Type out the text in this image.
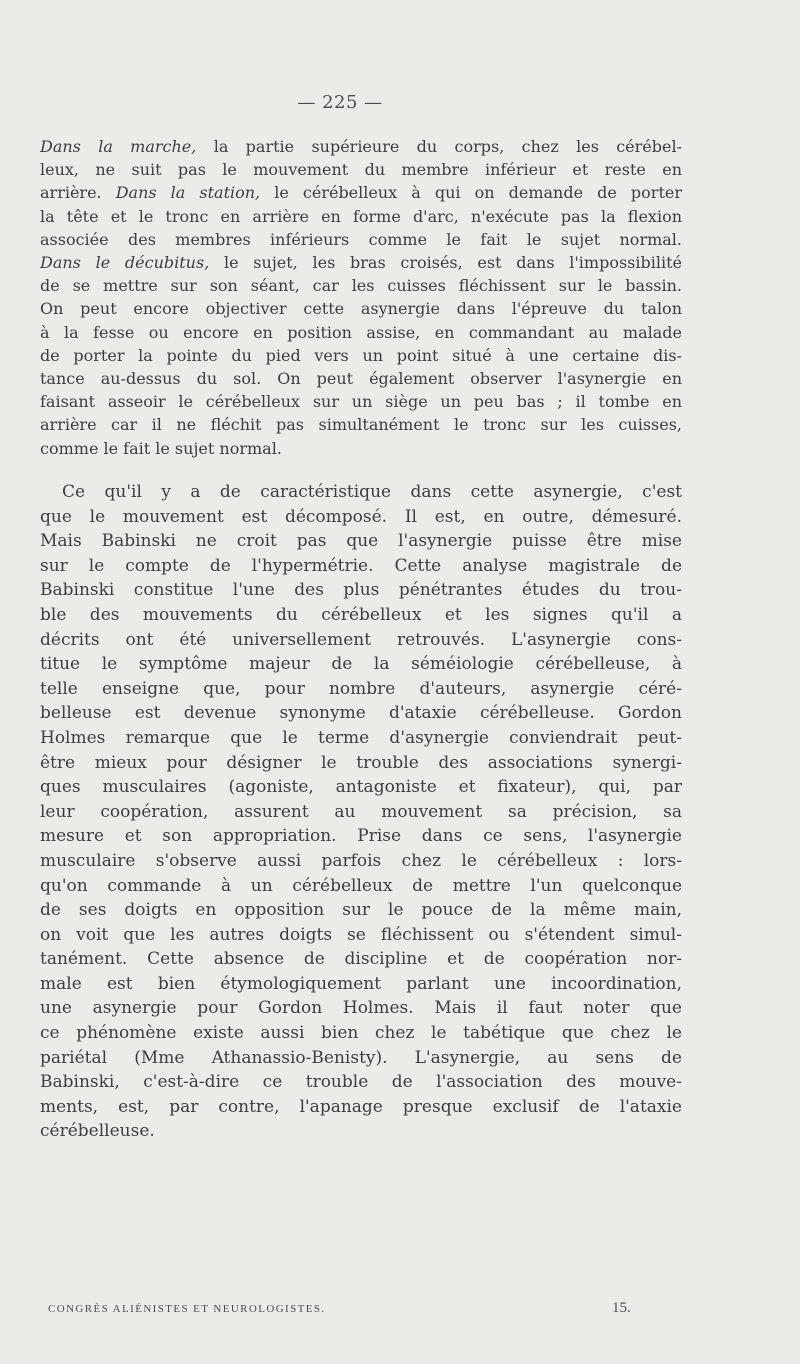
— 225 —
Dans la marche, la partie supérieure du corps, chez les cérébel-
leux, ne suit pas le mouvement du membre inférieur et reste en
arrière. Dans la station, le cérébelleux à qui on demande de porter
la tête et le tronc en arrière en forme d'arc, n'exécute pas la flexion
associée des membres inférieurs comme le fait le sujet normal.
Dans le décubitus, le sujet, les bras croisés, est dans l'impossibilité
de se mettre sur son séant, car les cuisses fléchissent sur le bassin.
On peut encore objectiver cette asynergie dans l'épreuve du talon
à la fesse ou encore en position assise, en commandant au malade
de porter la pointe du pied vers un point situé à une certaine dis-
tance au-dessus du sol. On peut également observer l'asynergie en
faisant asseoir le cérébelleux sur un siège un peu bas ; il tombe en
arrière car il ne fléchit pas simultanément le tronc sur les cuisses,
comme le fait le sujet normal.
Ce qu'il y a de caractéristique dans cette asynergie, c'est
que le mouvement est décomposé. Il est, en outre, démesuré.
Mais Babinski ne croit pas que l'asynergie puisse être mise
sur le compte de l'hypermétrie. Cette analyse magistrale de
Babinski constitue l'une des plus pénétrantes études du trou-
ble des mouvements du cérébelleux et les signes qu'il a
décrits ont été universellement retrouvés. L'asynergie cons-
titue le symptôme majeur de la séméiologie cérébelleuse, à
telle enseigne que, pour nombre d'auteurs, asynergie céré-
belleuse est devenue synonyme d'ataxie cérébelleuse. Gordon
Holmes remarque que le terme d'asynergie conviendrait peut-
être mieux pour désigner le trouble des associations synergi-
ques musculaires (agoniste, antagoniste et fixateur), qui, par
leur coopération, assurent au mouvement sa précision, sa
mesure et son appropriation. Prise dans ce sens, l'asynergie
musculaire s'observe aussi parfois chez le cérébelleux : lors-
qu'on commande à un cérébelleux de mettre l'un quelconque
de ses doigts en opposition sur le pouce de la même main,
on voit que les autres doigts se fléchissent ou s'étendent simul-
tanément. Cette absence de discipline et de coopération nor-
male est bien étymologiquement parlant une incoordination,
une asynergie pour Gordon Holmes. Mais il faut noter que
ce phénomène existe aussi bien chez le tabétique que chez le
pariétal (Mme Athanassio-Benisty). L'asynergie, au sens de
Babinski, c'est-à-dire ce trouble de l'association des mouve-
ments, est, par contre, l'apanage presque exclusif de l'ataxie
cérébelleuse.
CONGRÈS ALIÉNISTES ET NEUROLOGISTES.	15.
